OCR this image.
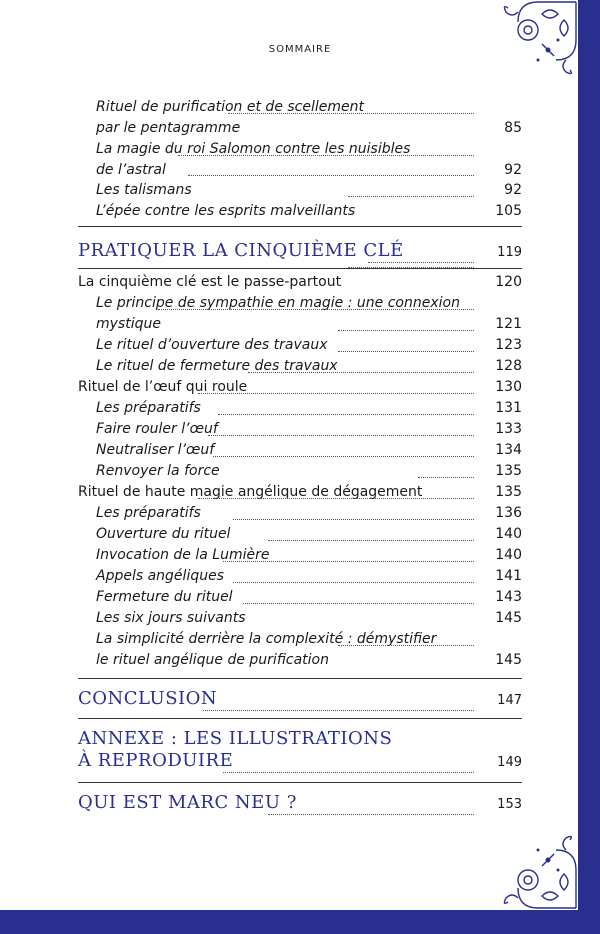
SOMMAIRE
Rituel de purification et de scellement
par le pentagramme	85
La magie du roi Salomon contre les nuisibles
de l’astral	92
Les talismans	92
L’épée contre les esprits malveillants	105
PRATIQUER LA CINQUIÈME CLÉ	119
La cinquième clé est le passe-partout	120
Le principe de sympathie en magie : une connexion
mystique	121
Le rituel d’ouverture des travaux	123
Le rituel de fermeture des travaux	128
Rituel de l’œuf qui roule	130
Les préparatifs	131
Faire rouler l’œuf	133
Neutraliser l’œuf	134
Renvoyer la force	135
Rituel de haute magie angélique de dégagement	135
Les préparatifs	136
Ouverture du rituel	140
Invocation de la Lumière	140
Appels angéliques	141
Fermeture du rituel	143
Les six jours suivants	145
La simplicité derrière la complexité : démystifier
le rituel angélique de purification	145
CONCLUSION	147
ANNEXE : LES ILLUSTRATIONS
À REPRODUIRE	149
QUI EST MARC NEU ?	153
